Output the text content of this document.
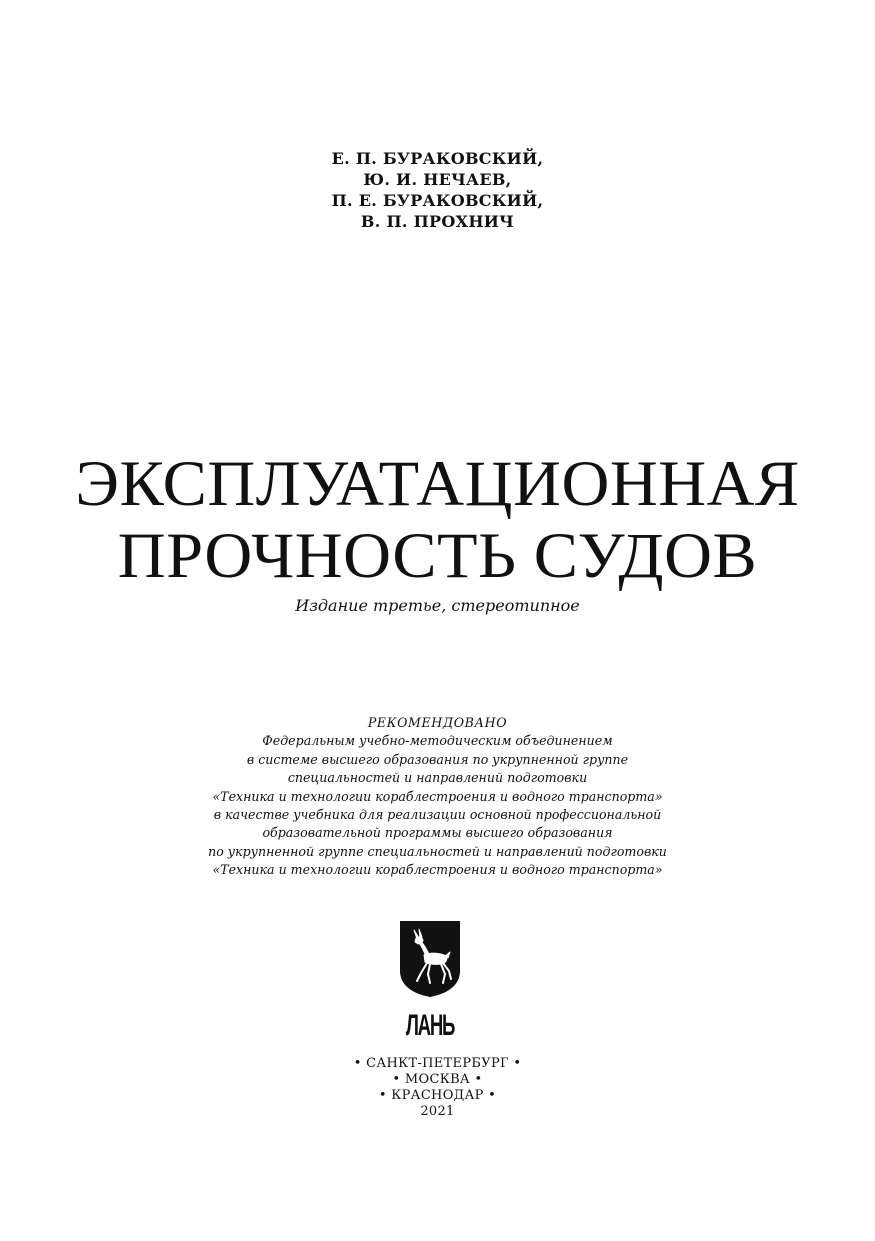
Е. П. БУРАКОВСКИЙ,
Ю. И. НЕЧАЕВ,
П. Е. БУРАКОВСКИЙ,
В. П. ПРОХНИЧ
ЭКСПЛУАТАЦИОННАЯ
ПРОЧНОСТЬ СУДОВ
Издание третье, стереотипное
РЕКОМЕНДОВАНО
Федеральным учебно-методическим объединением
в системе высшего образования по укрупненной группе
специальностей и направлений подготовки
«Техника и технологии кораблестроения и водного транспорта»
в качестве учебника для реализации основной профессиональной
образовательной программы высшего образования
по укрупненной группе специальностей и направлений подготовки
«Техника и технологии кораблестроения и водного транспорта»
ЛАНЬ
• САНКТ-ПЕТЕРБУРГ •
• МОСКВА •
• КРАСНОДАР •
2021
